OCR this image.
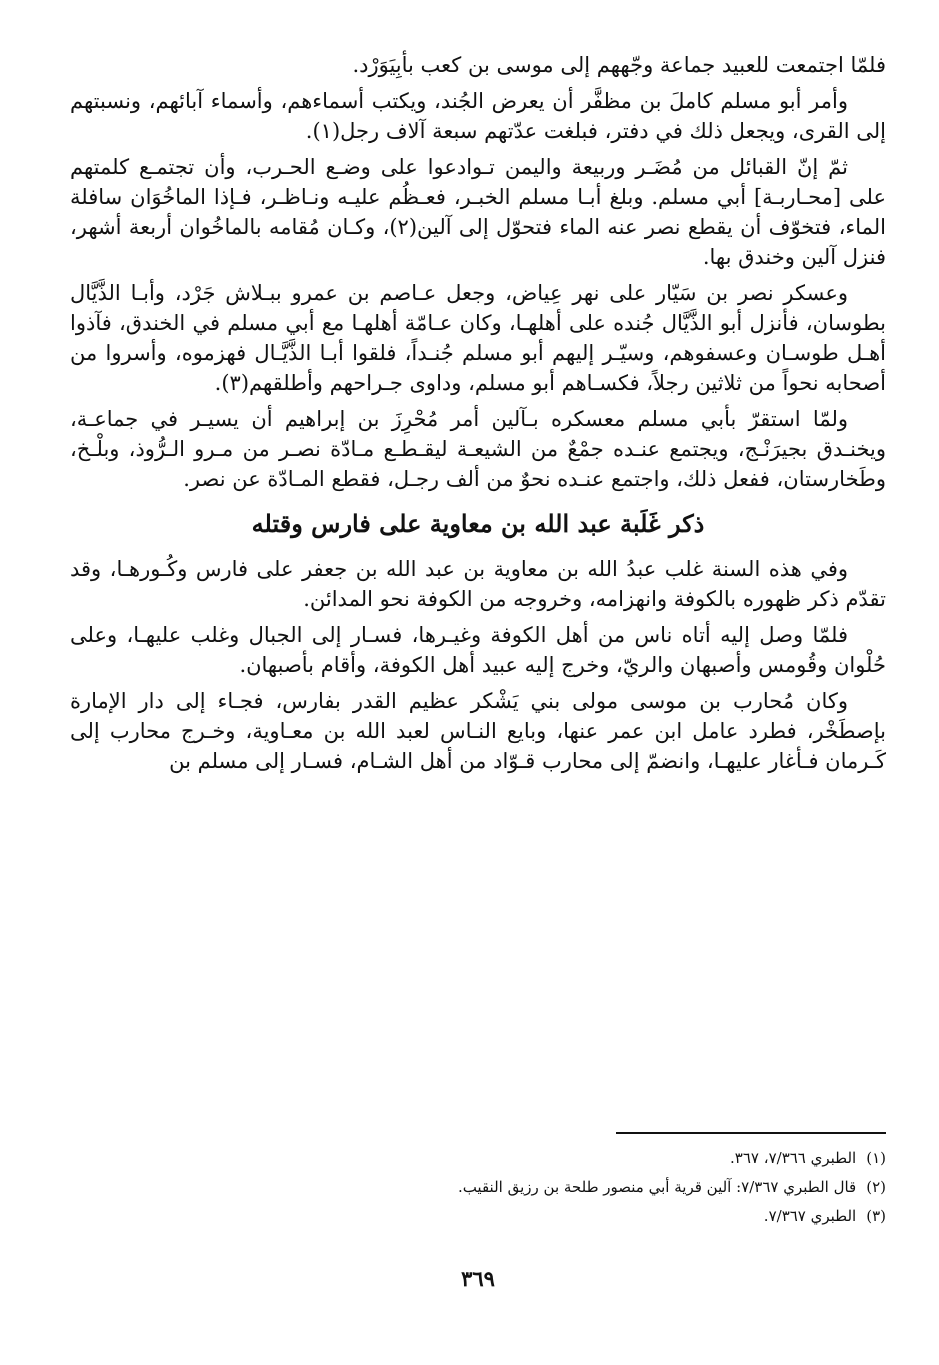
فلمّا اجتمعت للعبيد جماعة وجّههم إلى موسى بن كعب بأبِيَوَرْد.

وأمر أبو مسلم كاملَ بن مظفَّر أن يعرض الجُند، ويكتب أسماءهم، وأسماء آبائهم، ونسبتهم إلى القرى، ويجعل ذلك في دفتر، فبلغت عدّتهم سبعة آلاف رجل(١).

ثمّ إنّ القبائل من مُضَـر وربيعة واليمن تـوادعوا على وضـع الحـرب، وأن تجتمـع كلمتهم على [محـاربـة] أبي مسلم. وبلغ أبـا مسلم الخبـر، فعـظُم عليـه ونـاظـر، فـإذا الماخُوَان سافلة الماء، فتخوّف أن يقطع نصر عنه الماء فتحوّل إلى آلين(٢)، وكـان مُقامه بالماخُوان أربعة أشهر، فنزل آلين وخندق بها.

وعسكر نصر بن سَيّار على نهر عِياض، وجعل عـاصم بن عمرو ببـلاش جَرْد، وأبـا الذَّيَّال بطوسان، فأنزل أبو الذَّيَّال جُنده على أهلهـا، وكان عـامّة أهلهـا مع أبي مسلم في الخندق، فآذوا أهـل طوسـان وعسفوهم، وسيّـر إليهم أبو مسلم جُنـداً، فلقوا أبـا الذَّيَّـال فهزموه، وأسروا من أصحابه نحواً من ثلاثين رجلاً، فكسـاهم أبو مسلم، وداوى جـراحهم وأطلقهم(٣).

ولمّا استقرّ بأبي مسلم معسكره بـآلين أمر مُحْرِزَ بن إبراهيم أن يسيـر في جماعـة، ويخنـدق بجيرَنْـج، ويجتمع عنـده جمْعٌ من الشيعـة ليقـطـع مـادّة نصـر من مـرو الـرُّوذ، وبلْـخ، وطَخارستان، ففعل ذلك، واجتمع عنـده نحوٌ من ألف رجـل، فقطع المـادّة عن نصر.

ذكر غَلَبة عبد الله بن معاوية على فارس وقتله

وفي هذه السنة غلب عبدُ الله بن معاوية بن عبد الله بن جعفر على فارس وكُـورهـا، وقد تقدّم ذكر ظهوره بالكوفة وانهزامه، وخروجه من الكوفة نحو المدائن.

فلمّا وصل إليه أتاه ناس من أهل الكوفة وغيـرها، فسـار إلى الجبال وغلب عليهـا، وعلى حُلْوان وقُومس وأصبهان والريّ، وخرج إليه عبيد أهل الكوفة، وأقام بأصبهان.

وكان مُحارب بن موسى مولى بني يَشْكر عظيم القدر بفارس، فجـاء إلى دار الإمارة بإصطَخْر، فطرد عامل ابن عمر عنها، وبايع النـاس لعبد الله بن معـاوية، وخـرج محارب إلى كَـرمان فـأغار عليهـا، وانضمّ إلى محارب قـوّاد من أهل الشـام، فسـار إلى مسلم بن

(١)الطبري ٧/٣٦٦، ٣٦٧.

(٢)قال الطبري ٧/٣٦٧: آلين قرية أبي منصور طلحة بن رزيق النقيب.

(٣)الطبري ٧/٣٦٧.

٣٦٩
